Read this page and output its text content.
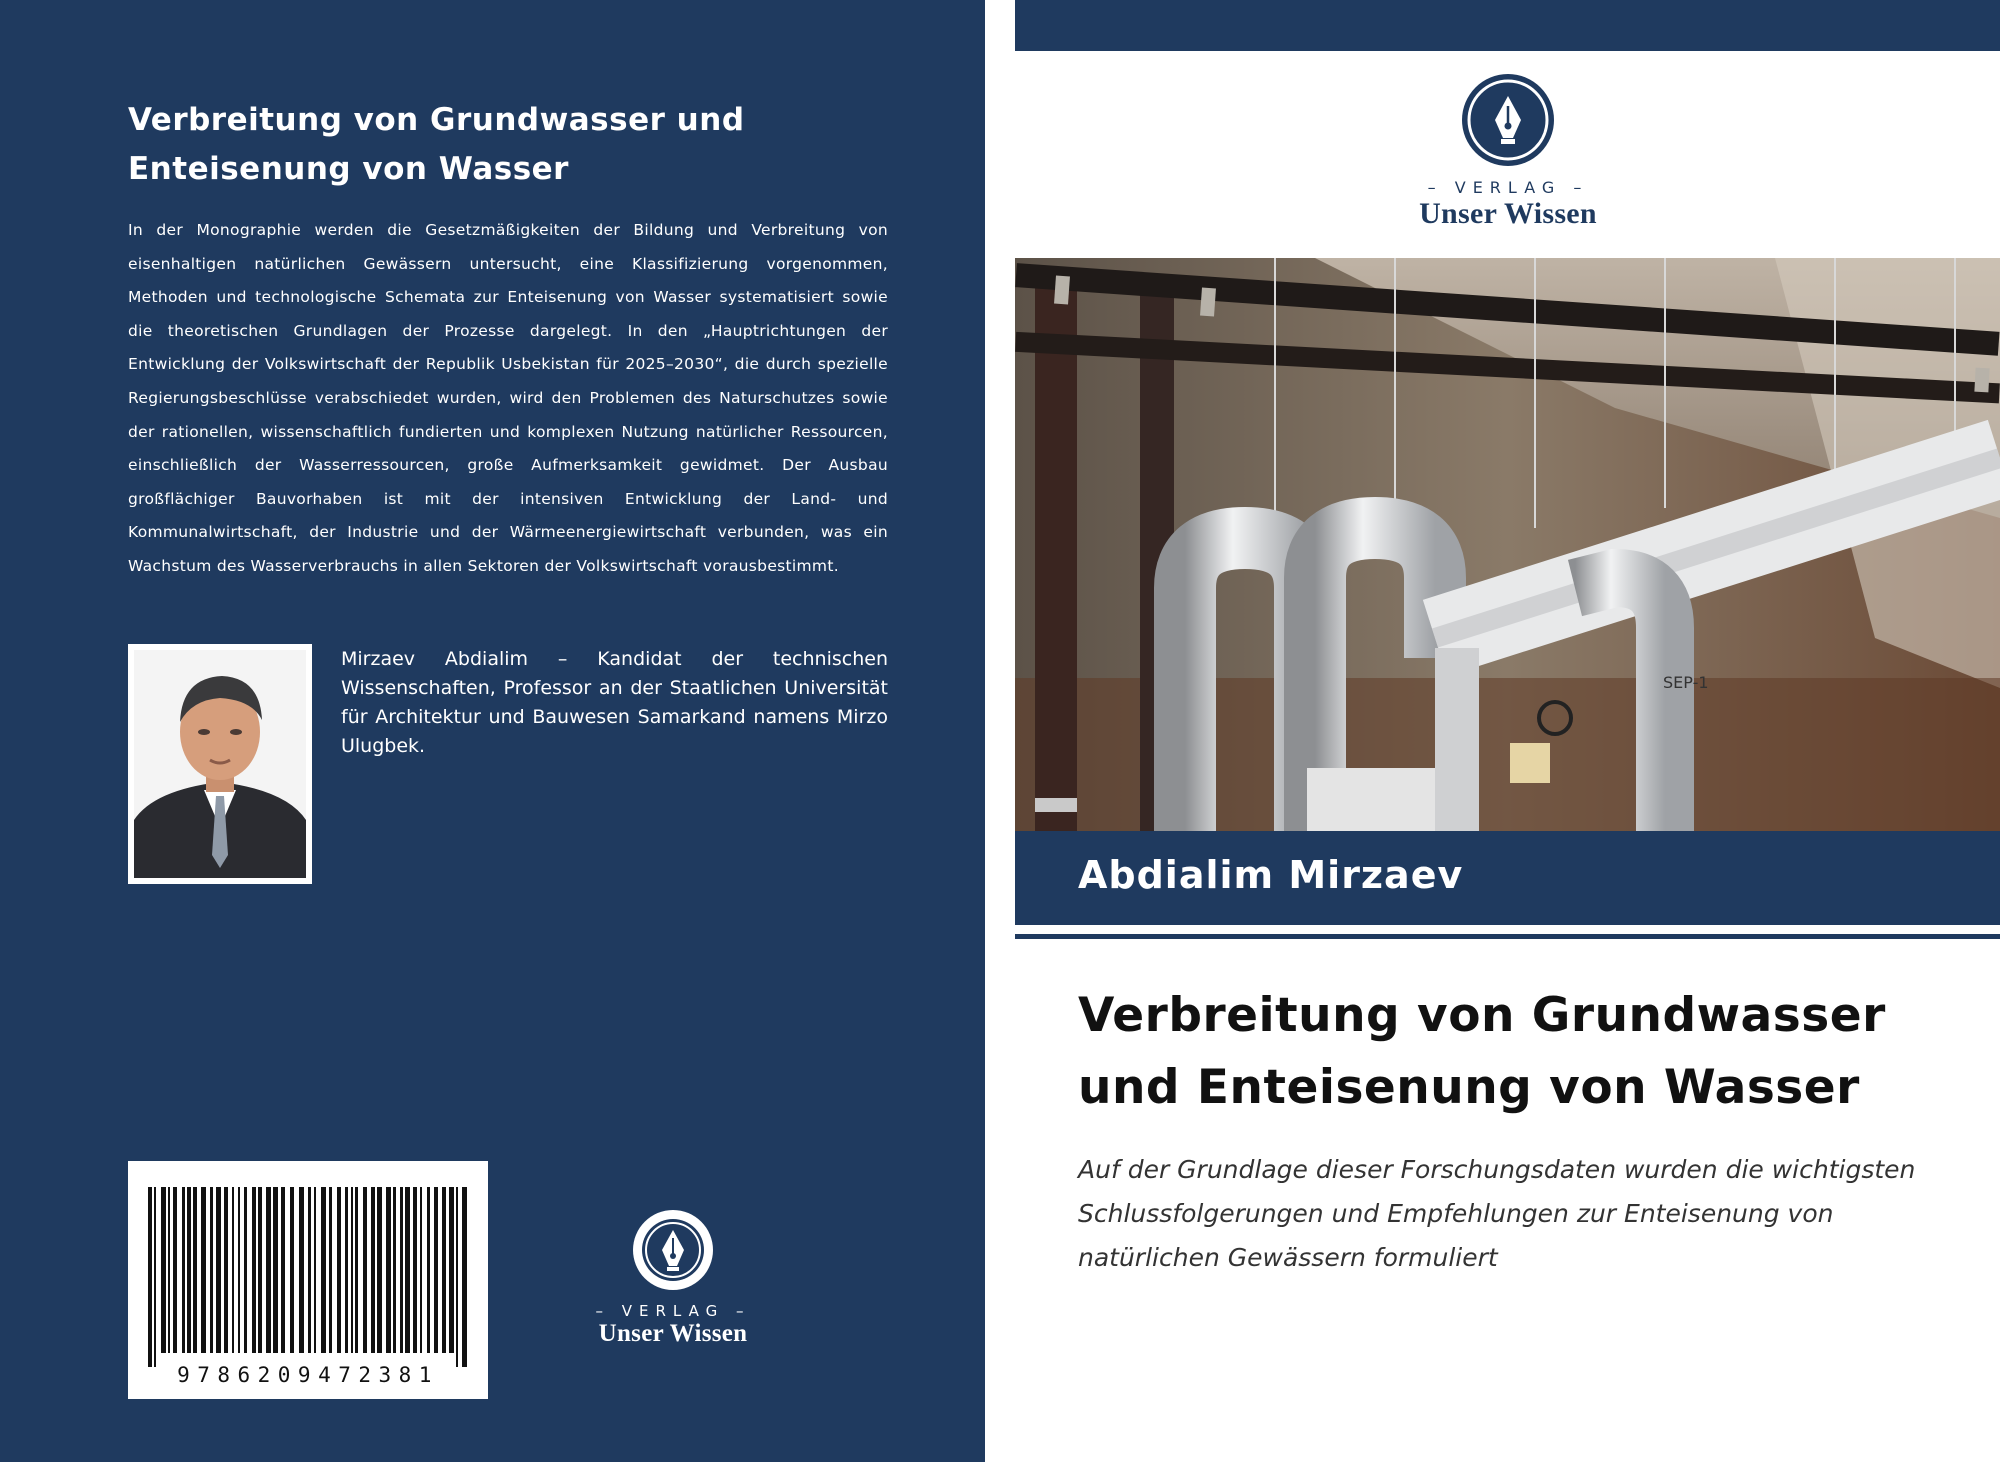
Verbreitung von Grundwasser und
Enteisenung von Wasser
In der Monographie werden die Gesetzmäßigkeiten der Bildung und Verbreitung von eisenhaltigen natürlichen Gewässern untersucht, eine Klassifizierung vorgenommen, Methoden und technologische Schemata zur Enteisenung von Wasser systematisiert sowie die theoretischen Grundlagen der Prozesse dargelegt. In den „Hauptrichtungen der Entwicklung der Volkswirtschaft der Republik Usbekistan für 2025–2030“, die durch spezielle Regierungsbeschlüsse verabschiedet wurden, wird den Problemen des Naturschutzes sowie der rationellen, wissenschaftlich fundierten und komplexen Nutzung natürlicher Ressourcen, einschließlich der Wasserressourcen, große Aufmerksamkeit gewidmet. Der Ausbau großflächiger Bauvorhaben ist mit der intensiven Entwicklung der Land- und Kommunalwirtschaft, der Industrie und der Wärmeenergiewirtschaft verbunden, was ein Wachstum des Wasserverbrauchs in allen Sektoren der Volkswirtschaft vorausbestimmt.
Mirzaev Abdialim – Kandidat der technischen Wissenschaften, Professor an der Staatlichen Universität für Architektur und Bauwesen Samarkand namens Mirzo Ulugbek.
9786209472381
– VERLAG –
Unser Wissen
– VERLAG –
Unser Wissen
SEP-1
Abdialim Mirzaev
Verbreitung von Grundwasser
und Enteisenung von Wasser
Auf der Grundlage dieser Forschungsdaten wurden die wichtigsten Schlussfolgerungen und Empfehlungen zur Enteisenung von natürlichen Gewässern formuliert
